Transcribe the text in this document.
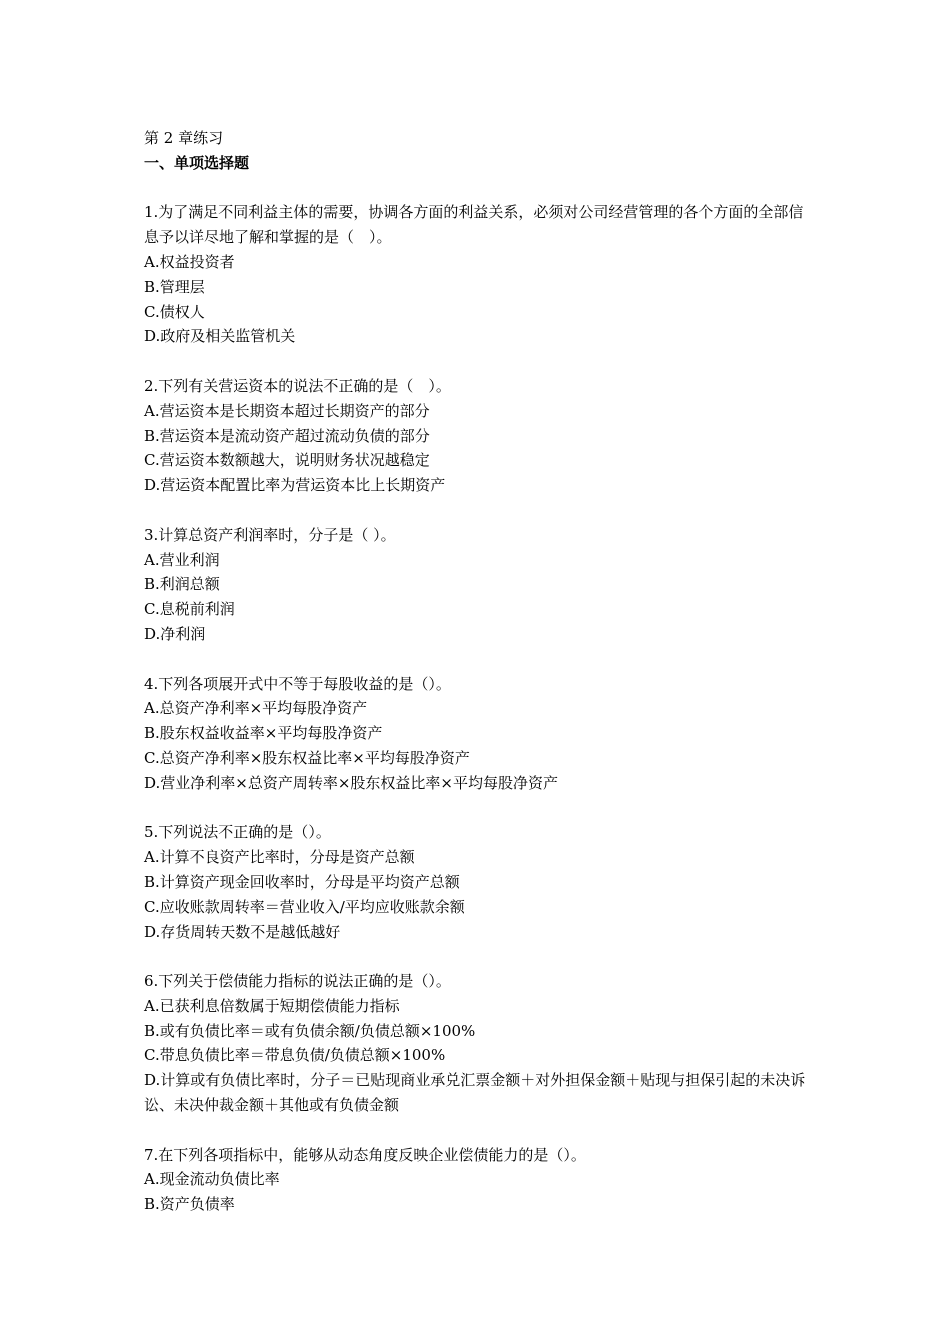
第 2 章练习
一、单项选择题
1.为了满足不同利益主体的需要，协调各方面的利益关系，必须对公司经营管理的各个方面的全部信息予以详尽地了解和掌握的是（　）。
A.权益投资者
B.管理层
C.债权人
D.政府及相关监管机关
2.下列有关营运资本的说法不正确的是（　）。
A.营运资本是长期资本超过长期资产的部分
B.营运资本是流动资产超过流动负债的部分
C.营运资本数额越大，说明财务状况越稳定
D.营运资本配置比率为营运资本比上长期资产
3.计算总资产利润率时，分子是（ ）。
A.营业利润
B.利润总额
C.息税前利润
D.净利润
4.下列各项展开式中不等于每股收益的是（）。
A.总资产净利率×平均每股净资产
B.股东权益收益率×平均每股净资产
C.总资产净利率×股东权益比率×平均每股净资产
D.营业净利率×总资产周转率×股东权益比率×平均每股净资产
5.下列说法不正确的是（）。
A.计算不良资产比率时，分母是资产总额
B.计算资产现金回收率时，分母是平均资产总额
C.应收账款周转率＝营业收入/平均应收账款余额
D.存货周转天数不是越低越好
6.下列关于偿债能力指标的说法正确的是（）。
A.已获利息倍数属于短期偿债能力指标
B.或有负债比率＝或有负债余额/负债总额×100%
C.带息负债比率＝带息负债/负债总额×100%
D.计算或有负债比率时，分子＝已贴现商业承兑汇票金额＋对外担保金额＋贴现与担保引起的未决诉讼、未决仲裁金额＋其他或有负债金额
7.在下列各项指标中，能够从动态角度反映企业偿债能力的是（）。
A.现金流动负债比率
B.资产负债率
